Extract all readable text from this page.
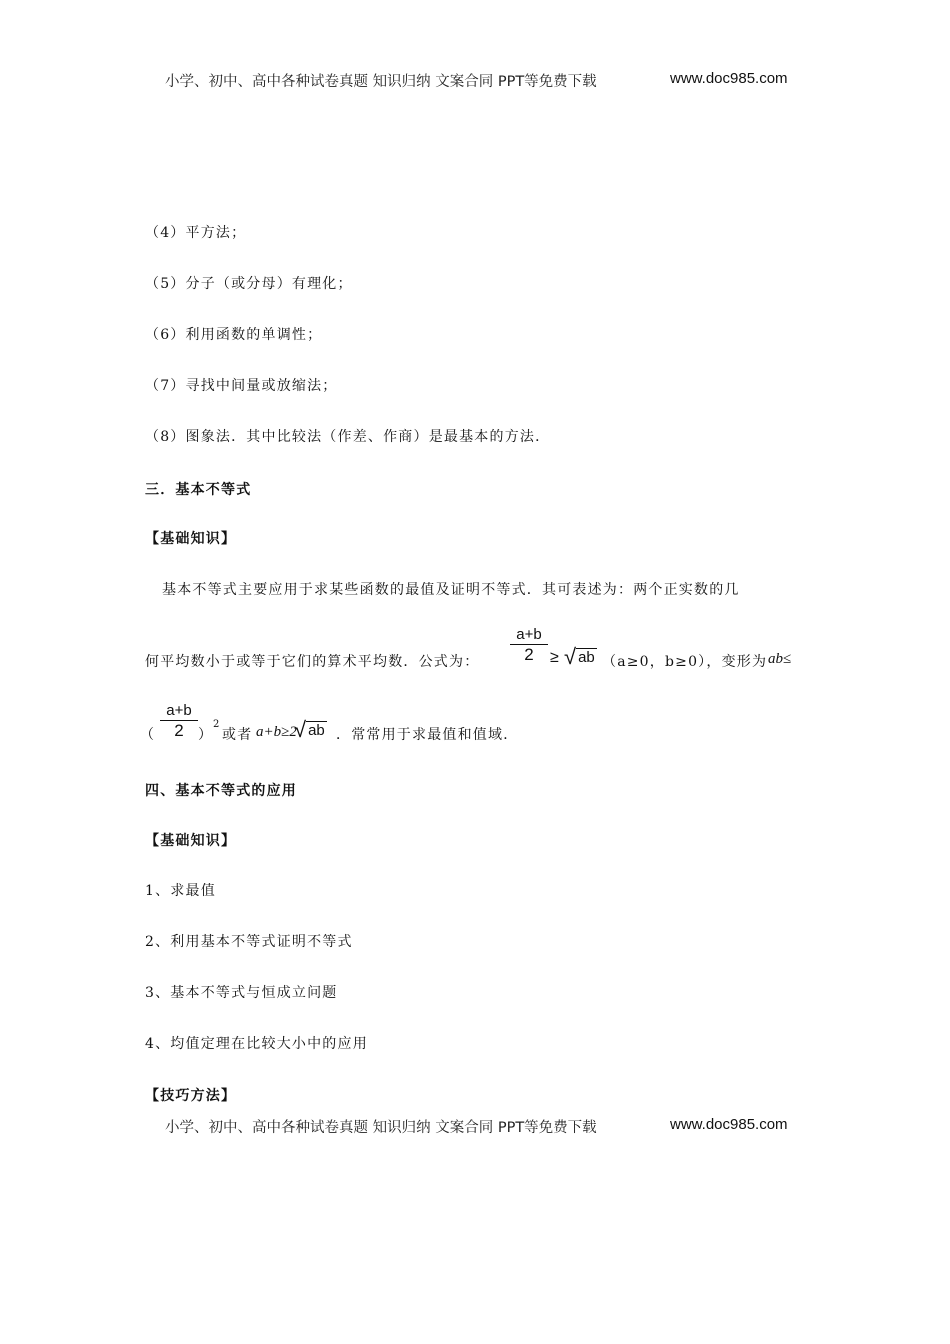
小学、初中、高中各种试卷真题 知识归纳 文案合同 PPT等免费下载	www.doc985.com
（4）平方法；
（5）分子（或分母）有理化；
（6）利用函数的单调性；
（7）寻找中间量或放缩法；
（8）图象法．其中比较法（作差、作商）是最基本的方法．
三．基本不等式
【基础知识】
基本不等式主要应用于求某些函数的最值及证明不等式．其可表述为：两个正实数的几
何平均数小于或等于它们的算术平均数．公式为：
a+b
2	≥ √ ab （a≥0，b≥0），变形为 ab≤
（
a+b
2	）
2
或者 a+b≥2
√ ab ．常常用于求最值和值域．
四、基本不等式的应用
【基础知识】
1、求最值
2、利用基本不等式证明不等式
3、基本不等式与恒成立问题
4、均值定理在比较大小中的应用
【技巧方法】
小学、初中、高中各种试卷真题 知识归纳 文案合同 PPT等免费下载	www.doc985.com
